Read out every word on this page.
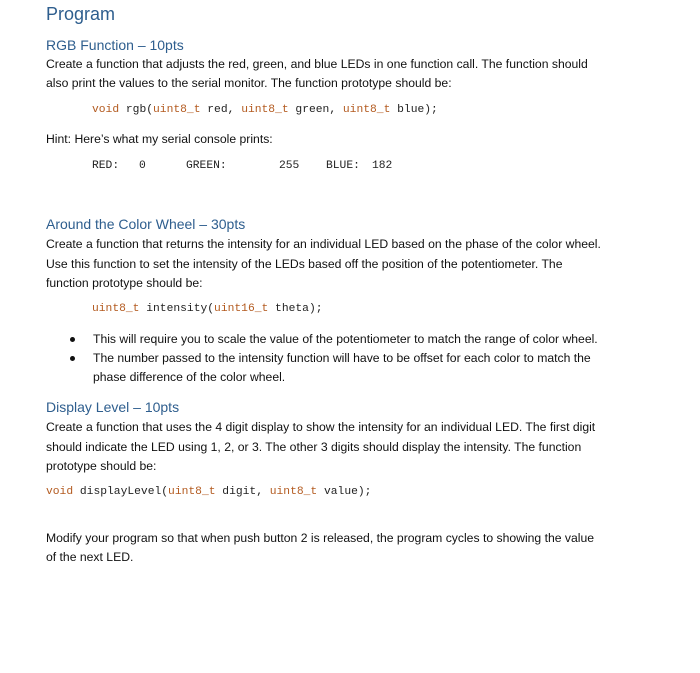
Program
RGB Function – 10pts
Create a function that adjusts the red, green, and blue LEDs in one function call. The function should
also print the values to the serial monitor. The function prototype should be:
void rgb(uint8_t red, uint8_t green, uint8_t blue);
Hint: Here’s what my serial console prints:

RED:

0

	GREEN:

	255

BLUE:

182

Around the Color Wheel – 30pts
Create a function that returns the intensity for an individual LED based on the phase of the color wheel.
Use this function to set the intensity of the LEDs based off the position of the potentiometer. The
function prototype should be:
uint8_t intensity(uint16_t theta);
This will require you to scale the value of the potentiometer to match the range of color wheel.
The number passed to the intensity function will have to be offset for each color to match the
phase difference of the color wheel.
Display Level – 10pts
Create a function that uses the 4 digit display to show the intensity for an individual LED. The first digit
should indicate the LED using 1, 2, or 3. The other 3 digits should display the intensity. The function
prototype should be:
void displayLevel(uint8_t digit, uint8_t value);
Modify your program so that when push button 2 is released, the program cycles to showing the value
of the next LED.
